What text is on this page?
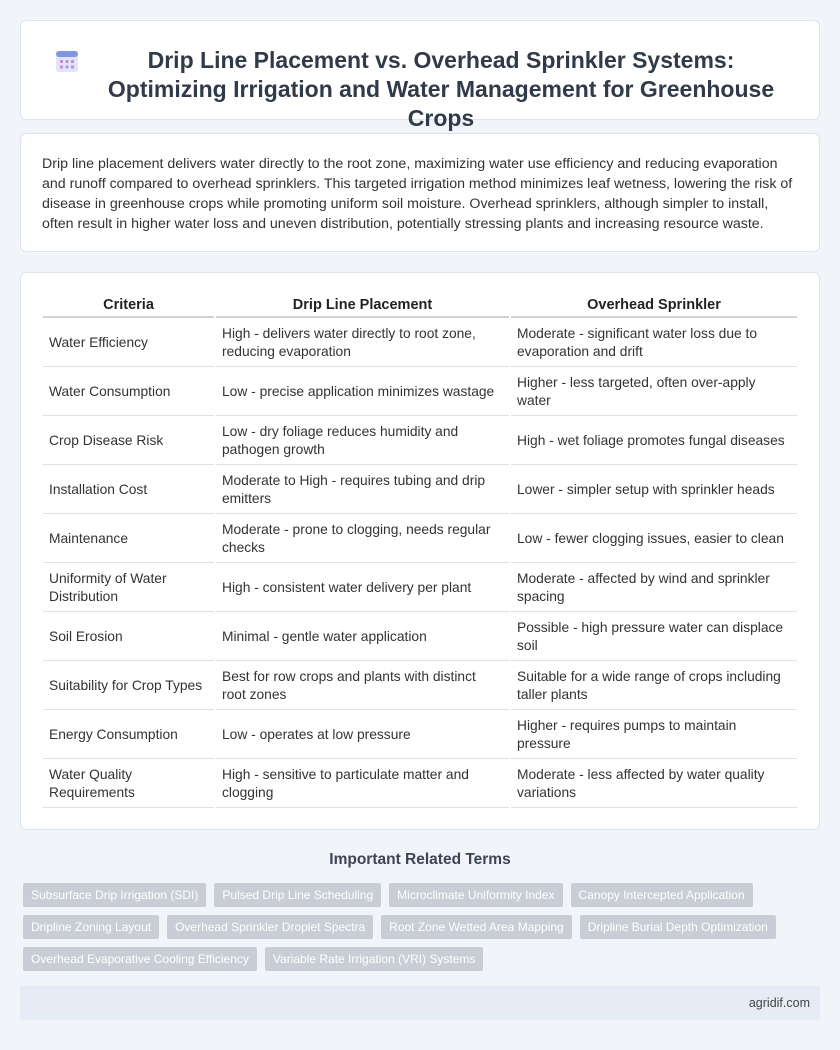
Drip Line Placement vs. Overhead Sprinkler Systems: Optimizing Irrigation and Water Management for Greenhouse Crops

Drip line placement delivers water directly to the root zone, maximizing water use efficiency and reducing evaporation and runoff compared to overhead sprinklers. This targeted irrigation method minimizes leaf wetness, lowering the risk of disease in greenhouse crops while promoting uniform soil moisture. Overhead sprinklers, although simpler to install, often result in higher water loss and uneven distribution, potentially stressing plants and increasing resource waste.

Criteria	Drip Line Placement	Overhead Sprinkler
Water Efficiency	High - delivers water directly to root zone, reducing evaporation	Moderate - significant water loss due to evaporation and drift
Water Consumption	Low - precise application minimizes wastage	Higher - less targeted, often over-apply water
Crop Disease Risk	Low - dry foliage reduces humidity and pathogen growth	High - wet foliage promotes fungal diseases
Installation Cost	Moderate to High - requires tubing and drip emitters	Lower - simpler setup with sprinkler heads
Maintenance	Moderate - prone to clogging, needs regular checks	Low - fewer clogging issues, easier to clean
Uniformity of Water Distribution	High - consistent water delivery per plant	Moderate - affected by wind and sprinkler spacing
Soil Erosion	Minimal - gentle water application	Possible - high pressure water can displace soil
Suitability for Crop Types	Best for row crops and plants with distinct root zones	Suitable for a wide range of crops including taller plants
Energy Consumption	Low - operates at low pressure	Higher - requires pumps to maintain pressure
Water Quality Requirements	High - sensitive to particulate matter and clogging	Moderate - less affected by water quality variations
Important Related Terms
Subsurface Drip Irrigation (SDI)	Pulsed Drip Line Scheduling	Microclimate Uniformity Index	Canopy Intercepted Application
Dripline Zoning Layout	Overhead Sprinkler Droplet Spectra	Root Zone Wetted Area Mapping	Dripline Burial Depth Optimization
Overhead Evaporative Cooling Efficiency	Variable Rate Irrigation (VRI) Systems
agridif.com
